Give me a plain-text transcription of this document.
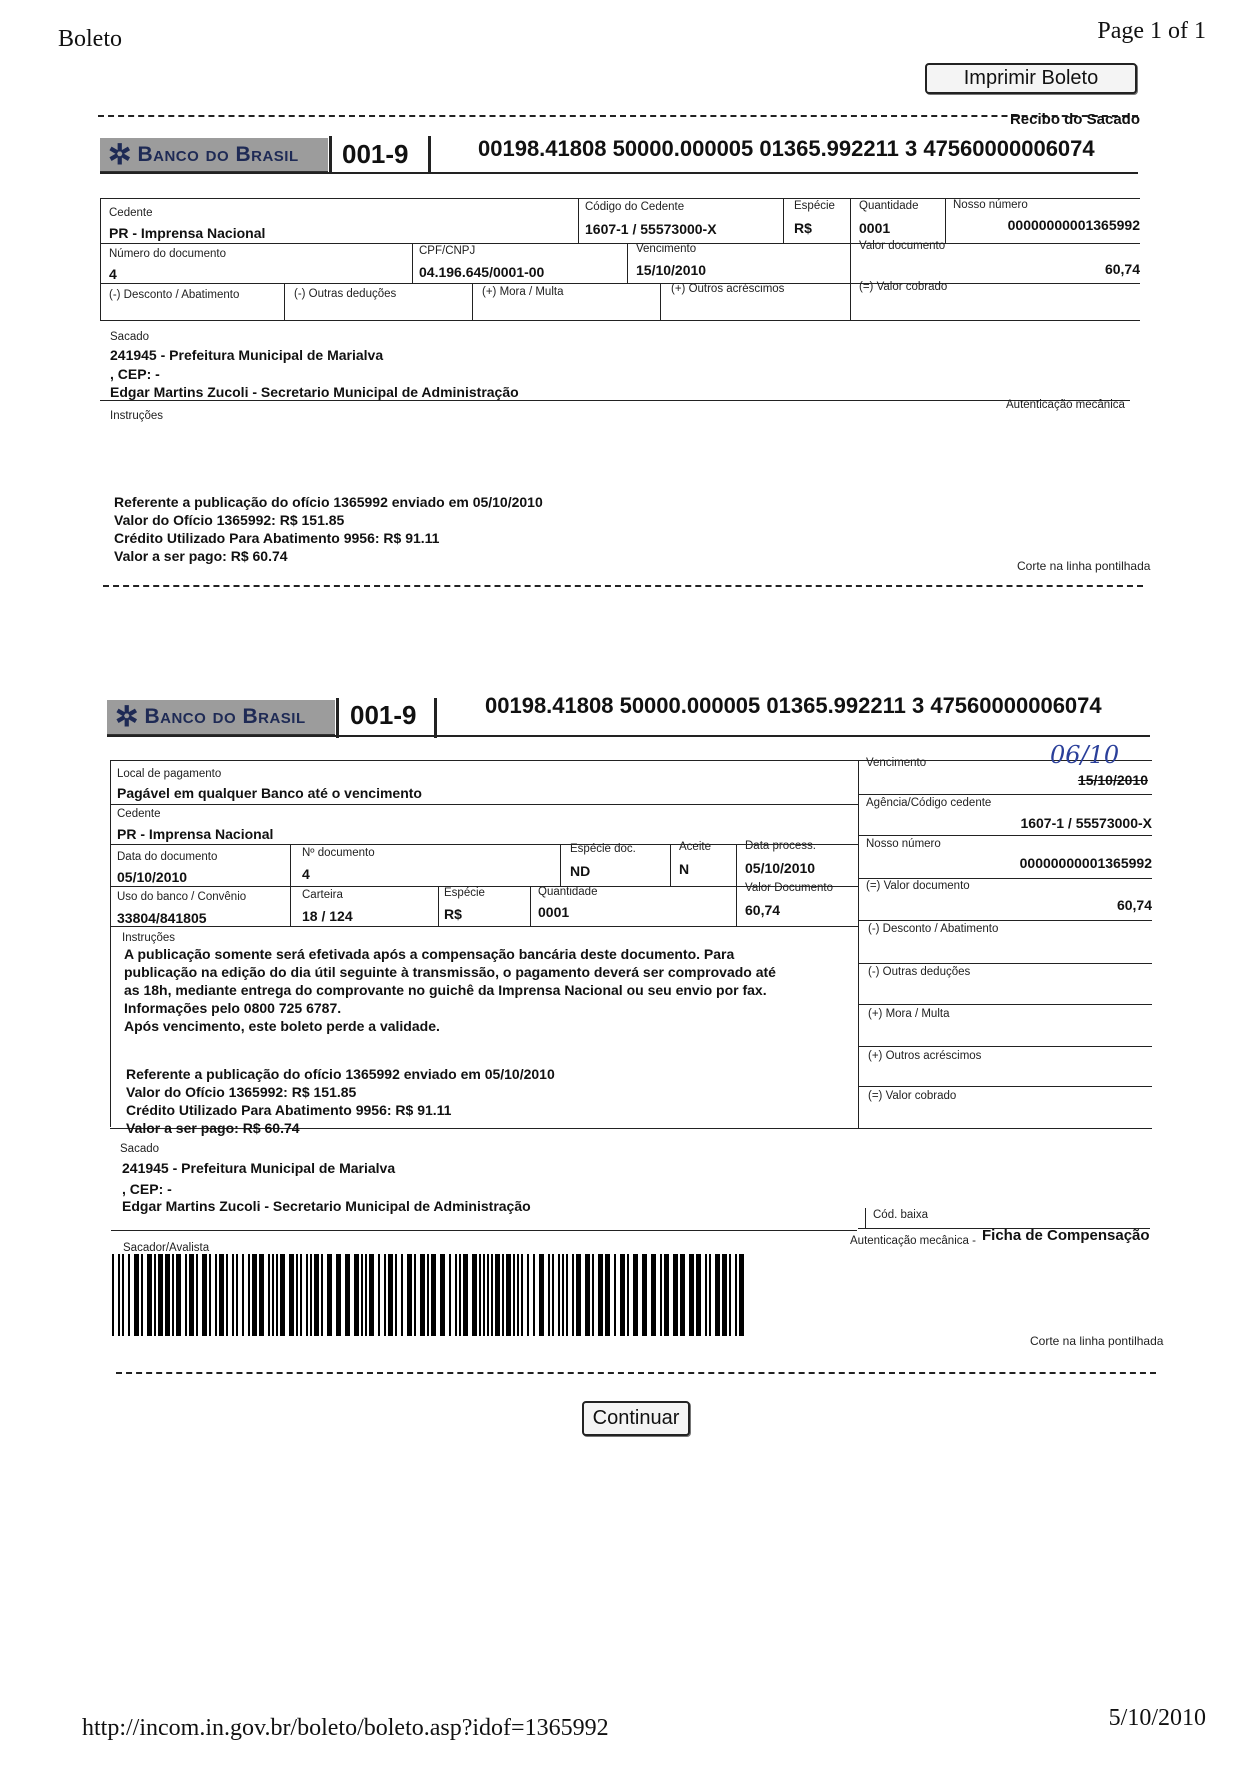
Boleto	Page 1 of 1
Imprimir Boleto
Recibo do Sacado
✲ Banco do Brasil 001-9	00198.41808 50000.000005 01365.992211 3 47560000006074
Cedente
PR - Imprensa Nacional
Código do Cedente
1607-1 / 55573000-X
Espécie
R$
Quantidade
0001
Nosso número
00000000001365992
Número do documento
4
CPF/CNPJ
04.196.645/0001-00
Vencimento
15/10/2010
Valor documento
60,74
(-) Desconto / Abatimento	(-) Outras deduções	(+) Mora / Multa	(+) Outros acréscimos	(=) Valor cobrado
Sacado
241945 - Prefeitura Municipal de Marialva
, CEP: -
Edgar Martins Zucoli - Secretario Municipal de Administração
Instruções
Autenticação mecânica
Referente a publicação do ofício 1365992 enviado em 05/10/2010
Valor do Ofício 1365992: R$ 151.85
Crédito Utilizado Para Abatimento 9956: R$ 91.11
Valor a ser pago: R$ 60.74
Corte na linha pontilhada
✲ Banco do Brasil 001-9	00198.41808 50000.000005 01365.992211 3 47560000006074
Local de pagamento
Pagável em qualquer Banco até o vencimento
Vencimento	06/10
15/10/2010
Cedente
PR - Imprensa Nacional
Agência/Código cedente
1607-1 / 55573000-X
Data do documento
05/10/2010
Nº documento
4
Espécie doc.
ND
Aceite
N
Data process.
05/10/2010
Nosso número
00000000001365992
Uso do banco / Convênio
33804/841805
Carteira
18 / 124
Espécie
R$
Quantidade
0001
Valor Documento
60,74
(=) Valor documento
60,74
(-) Desconto / Abatimento
(-) Outras deduções
(+) Mora / Multa
(+) Outros acréscimos
(=) Valor cobrado
Instruções
A publicação somente será efetivada após a compensação bancária deste documento. Para
publicação na edição do dia útil seguinte à transmissão, o pagamento deverá ser comprovado até
as 18h, mediante entrega do comprovante no guichê da Imprensa Nacional ou seu envio por fax.
Informações pelo 0800 725 6787.
Após vencimento, este boleto perde a validade.
Referente a publicação do ofício 1365992 enviado em 05/10/2010
Valor do Ofício 1365992: R$ 151.85
Crédito Utilizado Para Abatimento 9956: R$ 91.11
Valor a ser pago: R$ 60.74
Sacado
241945 - Prefeitura Municipal de Marialva
, CEP: -
Edgar Martins Zucoli - Secretario Municipal de Administração
Cód. baixa
Sacador/Avalista
Autenticação mecânica - Ficha de Compensação
Corte na linha pontilhada
Continuar
http://incom.in.gov.br/boleto/boleto.asp?idof=1365992	5/10/2010
